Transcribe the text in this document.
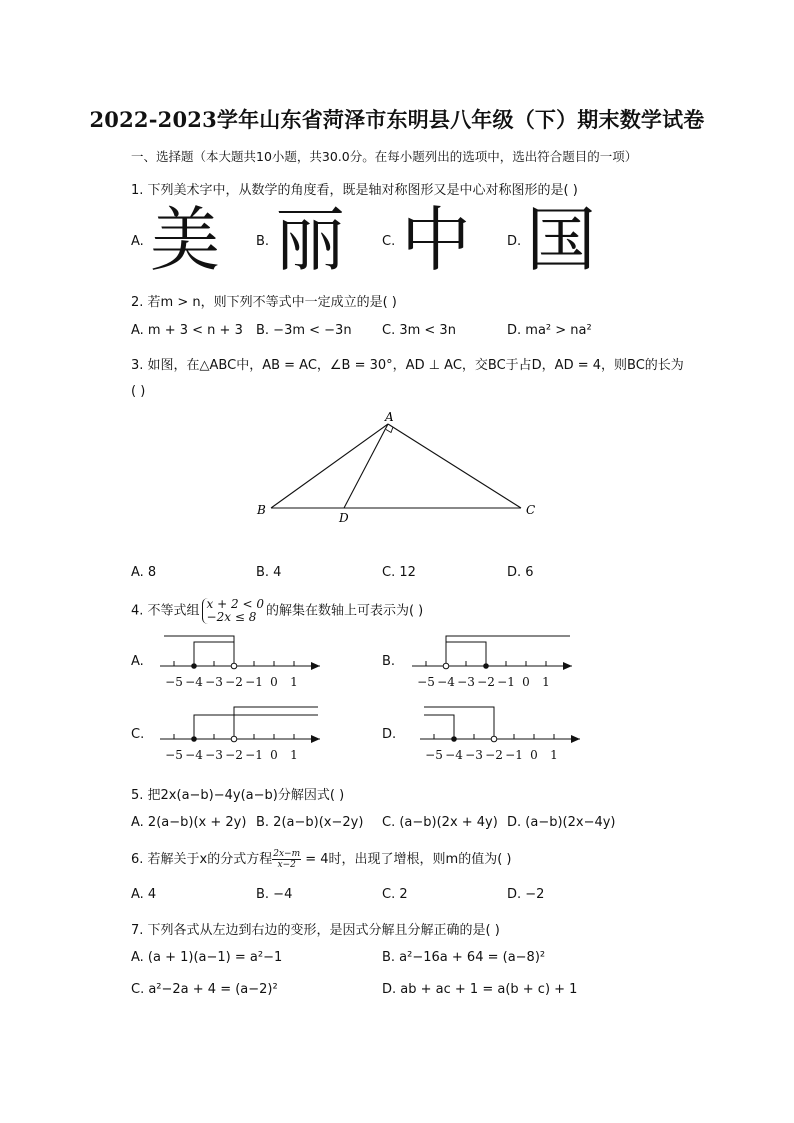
2022-2023学年山东省菏泽市东明县八年级（下）期末数学试卷
一、选择题（本大题共10小题，共30.0分。在每小题列出的选项中，选出符合题目的一项）
1. 下列美术字中，从数学的角度看，既是轴对称图形又是中心对称图形的是( )
A. 美	B. 丽	C. 中	D. 国
2. 若m > n，则下列不等式中一定成立的是( )
A. m + 3 < n + 3 B. −3m < −3n C. 3m < 3n	D. ma² > na²
3. 如图，在△ABC中，AB = AC，∠B = 30°，AD ⊥ AC，交BC于占D，AD = 4，则BC的长为
( )
A
B	C
D
A. 8	B. 4	C. 12	D. 6
4. 不等式组 x + 2 < 0
−2x ≤ 8 的解集在数轴上可表示为( )
A.	B.
C.	D.
−5 −4 −3 −2 −1 0 1	−5 −4 −3 −2 −1 0 1
−5 −4 −3 −2 −1 0 1	−5 −4 −3 −2 −1 0 1
5. 把2x(a−b)−4y(a−b)分解因式( )
A. 2(a−b)(x + 2y) B. 2(a−b)(x−2y) C. (a−b)(2x + 4y) D. (a−b)(2x−4y)
6. 若解关于x的分式方程 $\frac{2x-m}{x-2} = 4$时，出现了增根，则m的值为( )
A. 4	B. −4	C. 2	D. −2
7. 下列各式从左边到右边的变形，是因式分解且分解正确的是( )
A. (a + 1)(a−1) = a²−1	B. a²−16a + 64 = (a−8)²
C. a²−2a + 4 = (a−2)²	D. ab + ac + 1 = a(b + c) + 1
